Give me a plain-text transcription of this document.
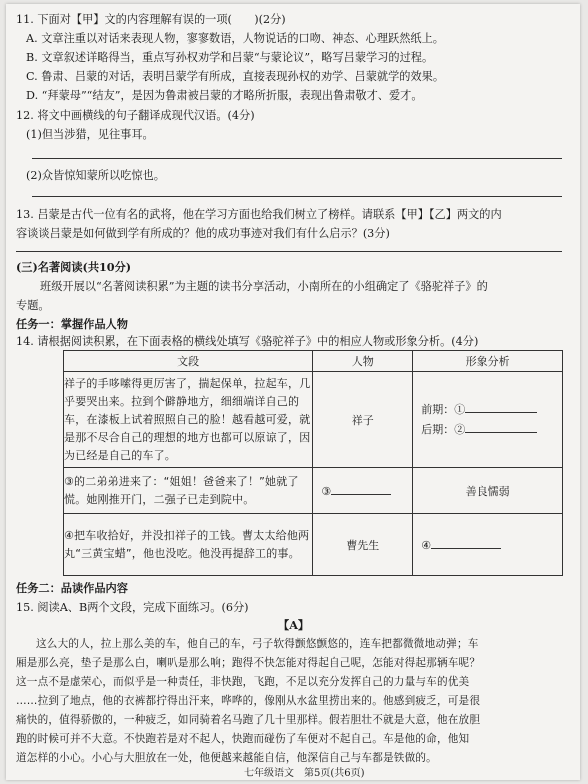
11. 下面对【甲】文的内容理解有误的一项(　　)(2分)
A. 文章注重以对话来表现人物，寥寥数语，人物说话的口吻、神态、心理跃然纸上。
B. 文章叙述详略得当，重点写孙权劝学和吕蒙“与蒙论议”，略写吕蒙学习的过程。
C. 鲁肃、吕蒙的对话，表明吕蒙学有所成，直接表现孙权的劝学、吕蒙就学的效果。
D. “拜蒙母”“结友”，是因为鲁肃被吕蒙的才略所折服，表现出鲁肃敬才、爱才。
12. 将文中画横线的句子翻译成现代汉语。(4分)
(1)但当涉猎，见往事耳。
(2)众皆惊知蒙所以吃惊也。
13. 吕蒙是古代一位有名的武将，他在学习方面也给我们树立了榜样。请联系【甲】【乙】两文的内
容谈谈吕蒙是如何做到学有所成的？他的成功事迹对我们有什么启示？(3分)
(三)名著阅读(共10分)
班级开展以“名著阅读积累”为主题的读书分享活动，小南所在的小组确定了《骆驼祥子》的
专题。
任务一：掌握作品人物
14. 请根据阅读积累，在下面表格的横线处填写《骆驼祥子》中的相应人物或形象分析。(4分)
文段	人物	形象分析
祥子的手哆嗦得更厉害了，揣起保单，拉起车，几乎要哭出来。拉到个僻静地方，细细端详自己的车，在漆板上试着照照自己的脸！越看越可爱，就是那不尽合自己的理想的地方也都可以原谅了，因为已经是自己的车了。	祥子	前期：①
后期：②

③的二弟弟进来了：“姐姐！爸爸来了！”她就了慌。她刚推开门，二强子已走到院中。	③	善良懦弱
④把车收拾好，并没扣祥子的工钱。曹太太给他两丸“三黄宝蜡”，他也没吃。他没再提辞工的事。	曹先生	④
任务二：品读作品内容
15. 阅读A、B两个文段，完成下面练习。(6分)
【A】
这么大的人，拉上那么美的车，他自己的车，弓子软得颤悠颤悠的，连车把都微微地动弹；车
厢是那么亮，垫子是那么白，喇叭是那么响；跑得不快怎能对得起自己呢，怎能对得起那辆车呢？
这一点不是虚荣心，而似乎是一种责任，非快跑，飞跑，不足以充分发挥自己的力量与车的优美
……拉到了地点，他的衣裤都拧得出汗来，哗哗的，像刚从水盆里捞出来的。他感到疲乏，可是很
痛快的，值得骄傲的，一种疲乏，如同骑着名马跑了几十里那样。假若胆壮不就是大意，他在放胆
跑的时候可并不大意。不快跑若是对不起人，快跑而碰伤了车便对不起自己。车是他的命，他知
道怎样的小心。小心与大胆放在一处，他便越来越能自信，他深信自己与车都是铁做的。
七年级语文　第5页(共6页)
